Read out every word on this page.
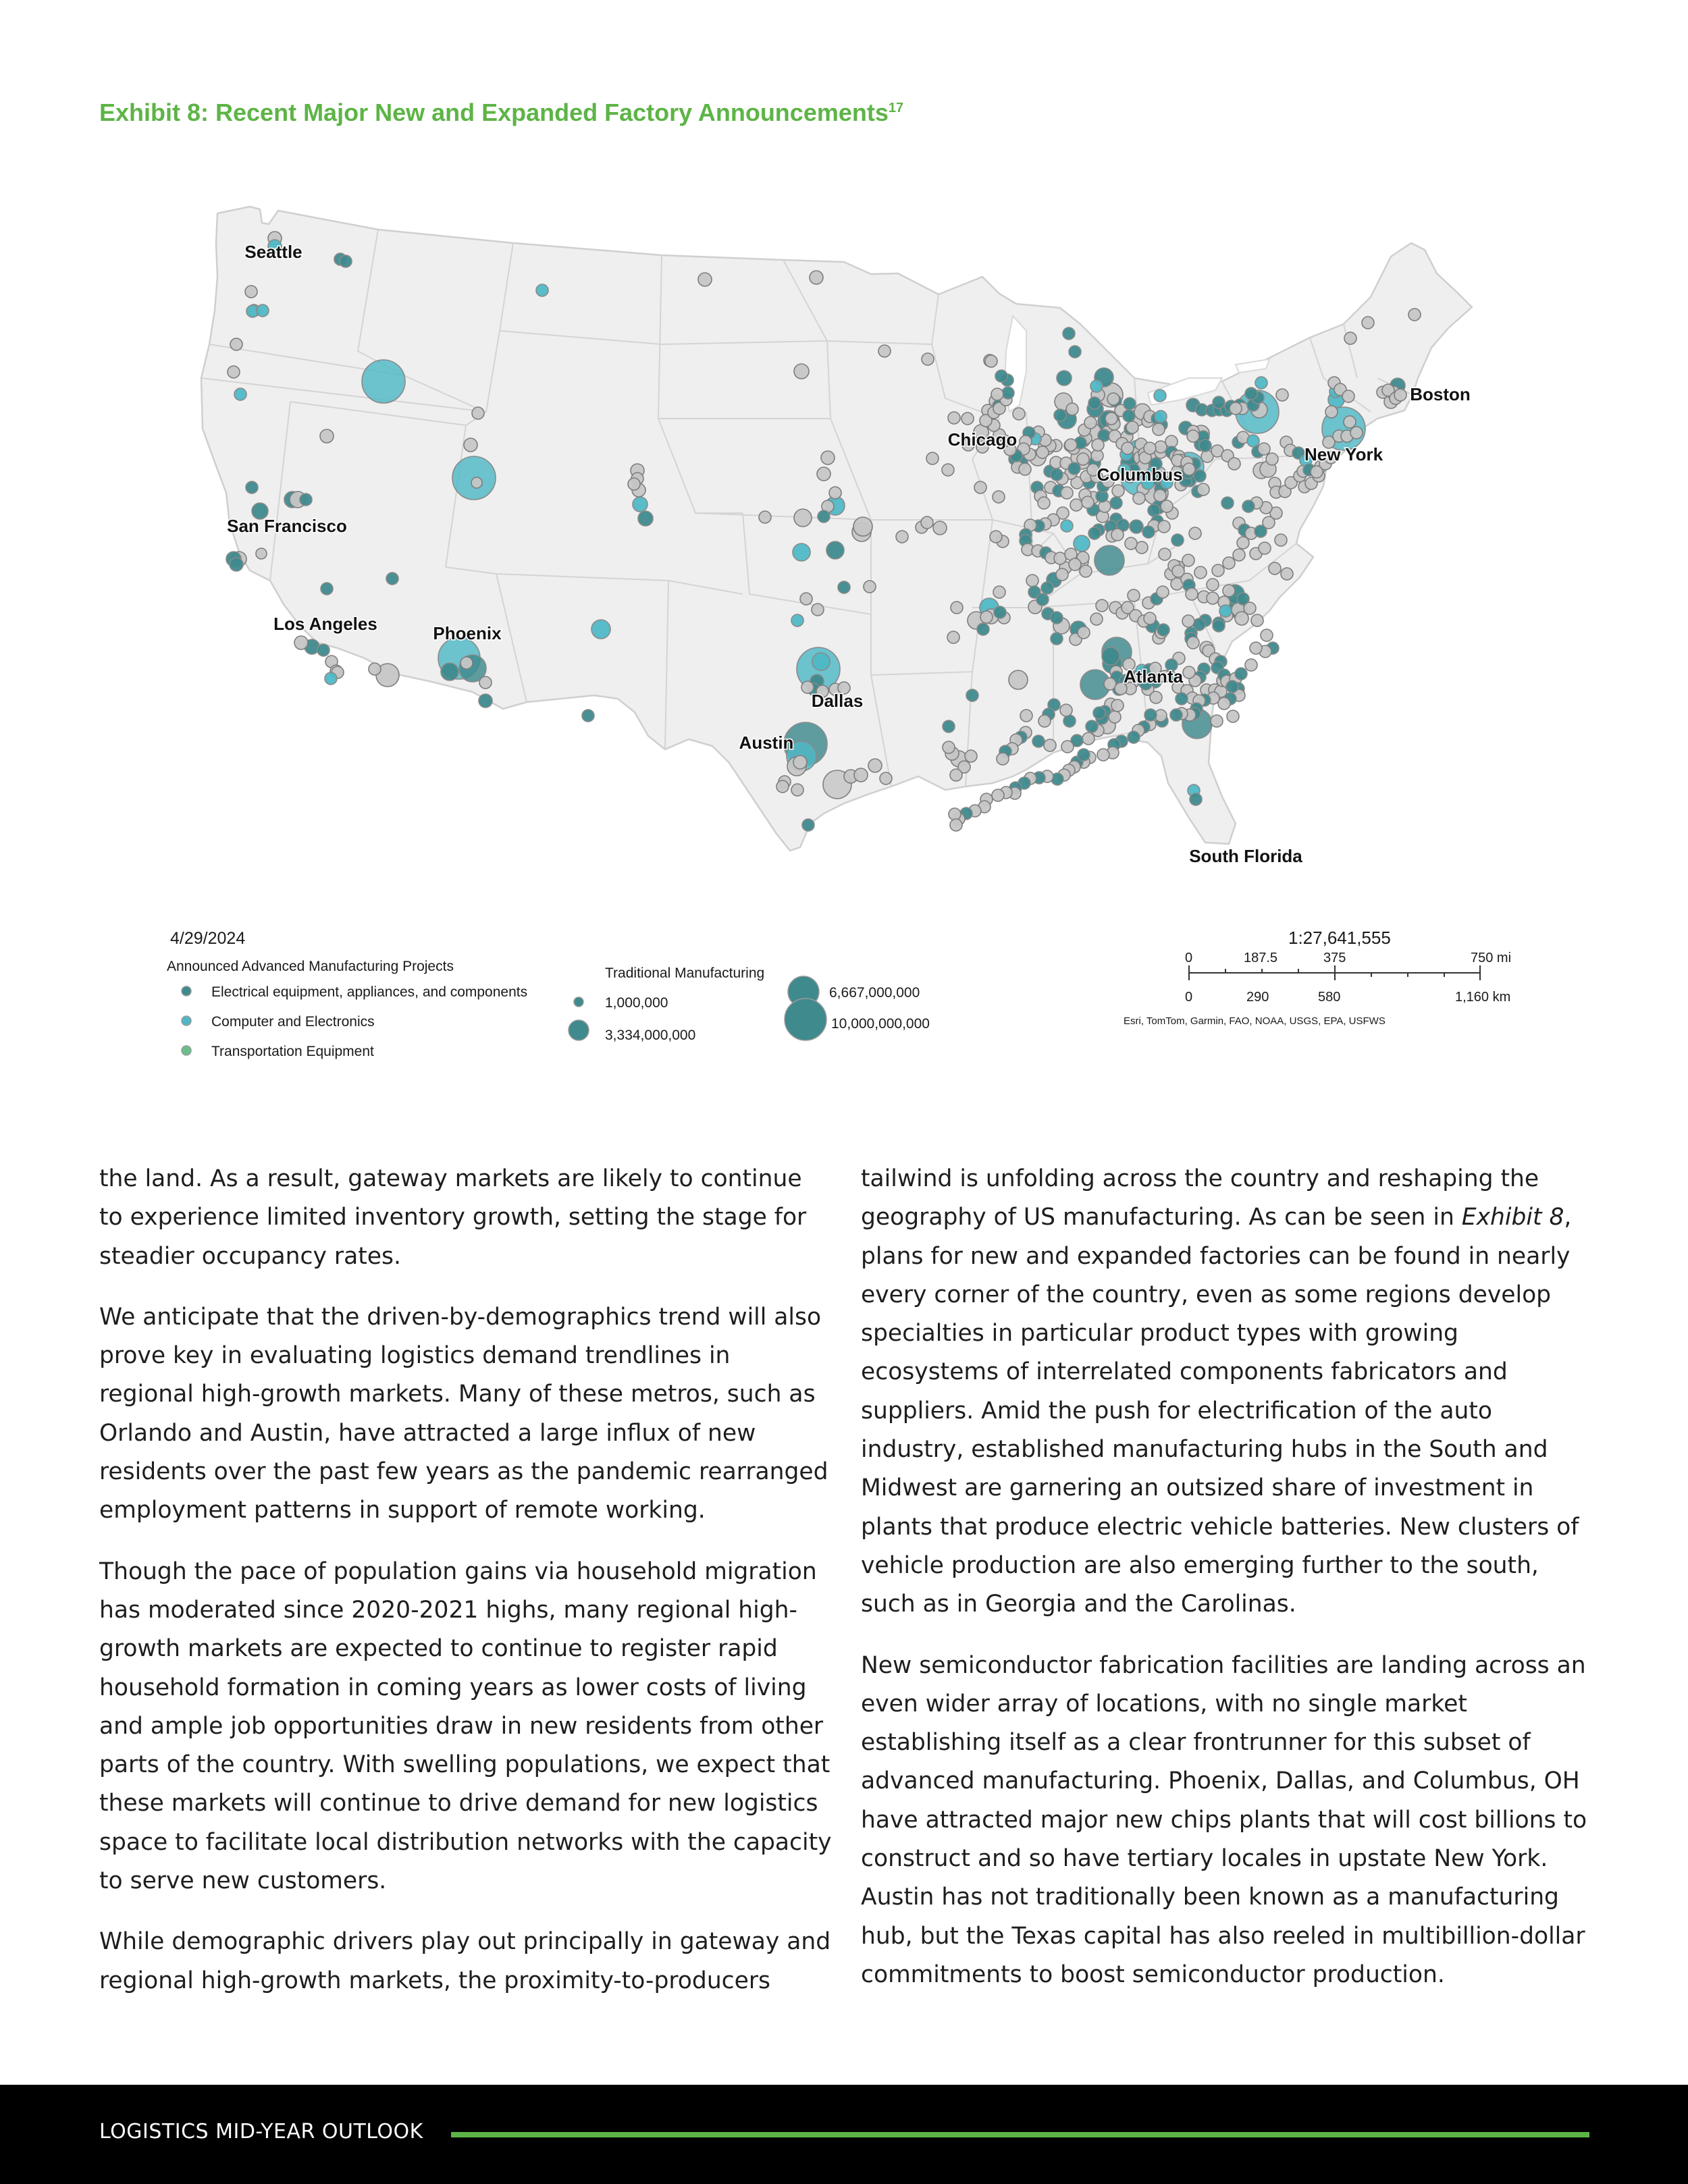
Exhibit 8: Recent Major New and Expanded Factory Announcements$^{17}$
Seattle
San Francisco
Los Angeles	Phoenix
Dallas
Austin
Chicago
Columbus
Atlanta
New York
Boston
South Florida
4/29/2024
Announced Advanced Manufacturing Projects
Electrical equipment, appliances, and components
Computer and Electronics
Transportation Equipment
Traditional Manufacturing
1,000,000
3,334,000,000
6,667,000,000
10,000,000,000
1:27,641,555
0	187.5	375	750 mi
0	290	580	1,160 km
Esri, TomTom, Garmin, FAO, NOAA, USGS, EPA, USFWS

the land. As a result, gateway markets are likely to continue to experience limited inventory growth, setting the stage for steadier occupancy rates.

We anticipate that the driven-by-demographics trend will also prove key in evaluating logistics demand trendlines in regional high-growth markets. Many of these metros, such as Orlando and Austin, have attracted a large influx of new residents over the past few years as the pandemic rearranged employment patterns in support of remote working.

Though the pace of population gains via household migration has moderated since 2020-2021 highs, many regional high-growth markets are expected to continue to register rapid household formation in coming years as lower costs of living and ample job opportunities draw in new residents from other parts of the country. With swelling populations, we expect that these markets will continue to drive demand for new logistics space to facilitate local distribution networks with the capacity to serve new customers.

While demographic drivers play out principally in gateway and regional high-growth markets, the proximity-to-producers

tailwind is unfolding across the country and reshaping the geography of US manufacturing. As can be seen in Exhibit 8, plans for new and expanded factories can be found in nearly every corner of the country, even as some regions develop specialties in particular product types with growing ecosystems of interrelated components fabricators and suppliers. Amid the push for electrification of the auto industry, established manufacturing hubs in the South and Midwest are garnering an outsized share of investment in plants that produce electric vehicle batteries. New clusters of vehicle production are also emerging further to the south, such as in Georgia and the Carolinas.

New semiconductor fabrication facilities are landing across an even wider array of locations, with no single market establishing itself as a clear frontrunner for this subset of advanced manufacturing. Phoenix, Dallas, and Columbus, OH have attracted major new chips plants that will cost billions to construct and so have tertiary locales in upstate New York. Austin has not traditionally been known as a manufacturing hub, but the Texas capital has also reeled in multibillion-dollar commitments to boost semiconductor production.

LOGISTICS MID-YEAR OUTLOOK
